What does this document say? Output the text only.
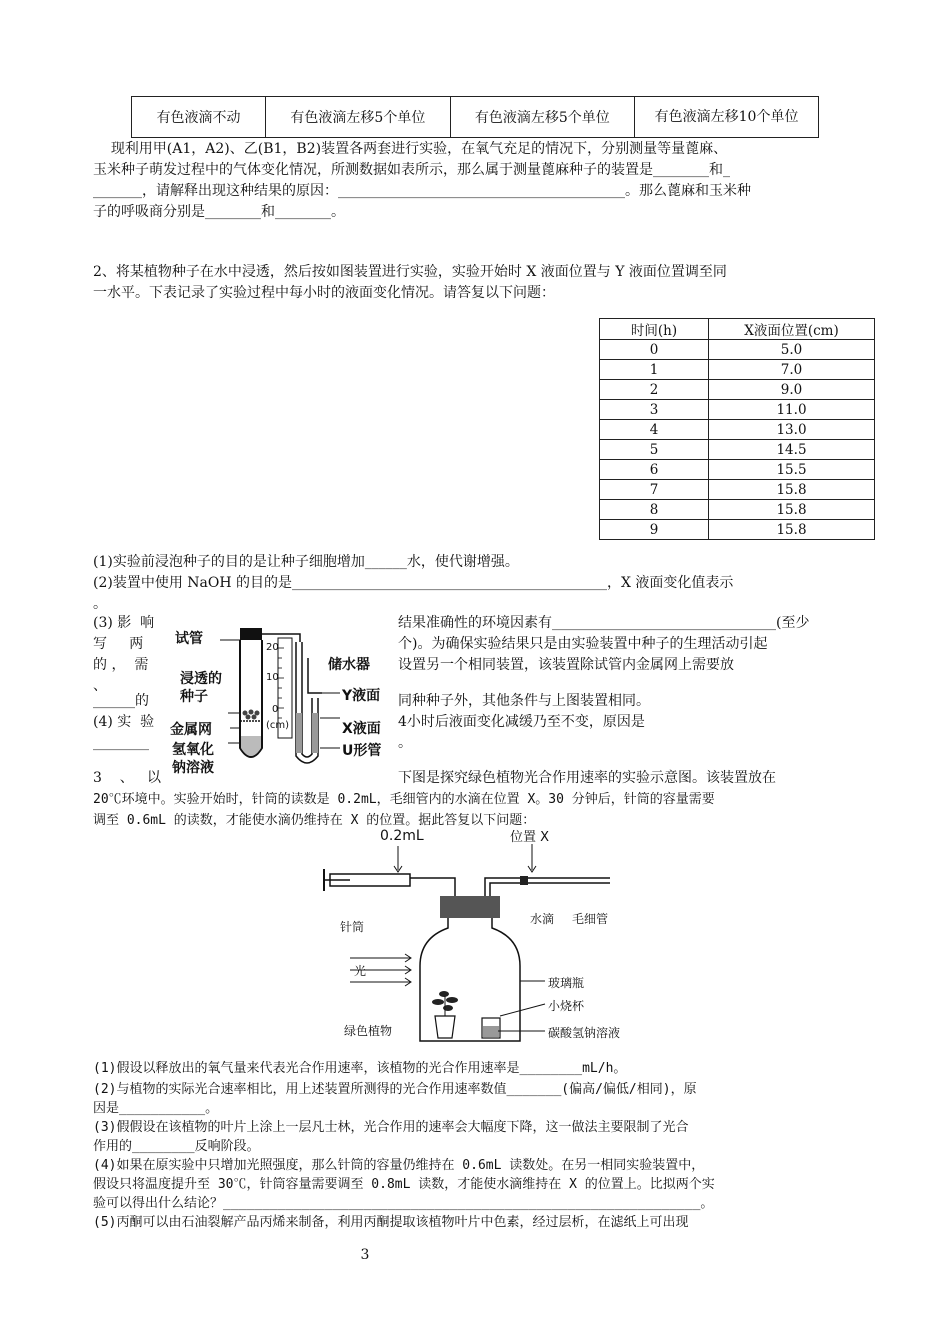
有色液滴不动	有色液滴左移5个单位	有色液滴左移5个单位	有色液滴左移10个单位
现利用甲(A1，A2)、乙(B1，B2)装置各两套进行实验，在氧气充足的情况下，分别测量等量蓖麻、
玉米种子萌发过程中的气体变化情况，所测数据如表所示，那么属于测量蓖麻种子的装置是________和_
_______，请解释出现这种结果的原因：_________________________________________。那么蓖麻和玉米种
子的呼吸商分别是________和________。
2、将某植物种子在水中浸透，然后按如图装置进行实验，实验开始时 X 液面位置与 Y 液面位置调至同
一水平。下表记录了实验过程中每小时的液面变化情况。请答复以下问题：
时间(h)	X液面位置(cm)
0	5.0
1	7.0
2	9.0
3	11.0
4	13.0
5	14.5
6	15.5
7	15.8
8	15.8
9	15.8
(1)实验前浸泡种子的目的是让种子细胞增加______水，使代谢增强。
(2)装置中使用 NaOH 的目的是_____________________________________________，X 液面变化值表示
。
(3) 影  响	结果准确性的环境因素有________________________________(至少
写     两	个)。为确保实验结果只是由实验装置中种子的生理活动引起
的 ，  需	设置另一个相同装置，该装置除试管内金属网上需要放
、
______的	同种种子外，其他条件与上图装置相同。
(4) 实  验	4小时后液面变化减缓乃至不变，原因是
________	。
试管
浸透的
种子
金属网
氢氧化
钠溶液
储水器
Y液面
X液面
U形管
20
10
0
(cm)
3    、   以	下图是探究绿色植物光合作用速率的实验示意图。该装置放在
20℃环境中。实验开始时，针筒的读数是 0.2mL，毛细管内的水滴在位置 X。30 分钟后，针筒的容量需要
调至 0.6mL 的读数，才能使水滴仍维持在 X 的位置。据此答复以下问题：
0.2mL	位置 X
针筒
水滴 毛细管
光
玻璃瓶
小烧杯
绿色植物	碳酸氢钠溶液
(1)假设以释放出的氧气量来代表光合作用速率，该植物的光合作用速率是________mL/h。
(2)与植物的实际光合速率相比，用上述装置所测得的光合作用速率数值_______(偏高/偏低/相同)，原
因是___________。
(3)假假设在该植物的叶片上涂上一层凡士林，光合作用的速率会大幅度下降，这一做法主要限制了光合
作用的________反响阶段。
(4)如果在原实验中只增加光照强度，那么针筒的容量仍维持在 0.6mL 读数处。在另一相同实验装置中，
假设只将温度提升至 30℃，针筒容量需要调至 0.8mL 读数，才能使水滴维持在 X 的位置上。比拟两个实
验可以得出什么结论？_____________________________________________________________。
(5)丙酮可以由石油裂解产品丙烯来制备，利用丙酮提取该植物叶片中色素，经过层析，在滤纸上可出现
3
